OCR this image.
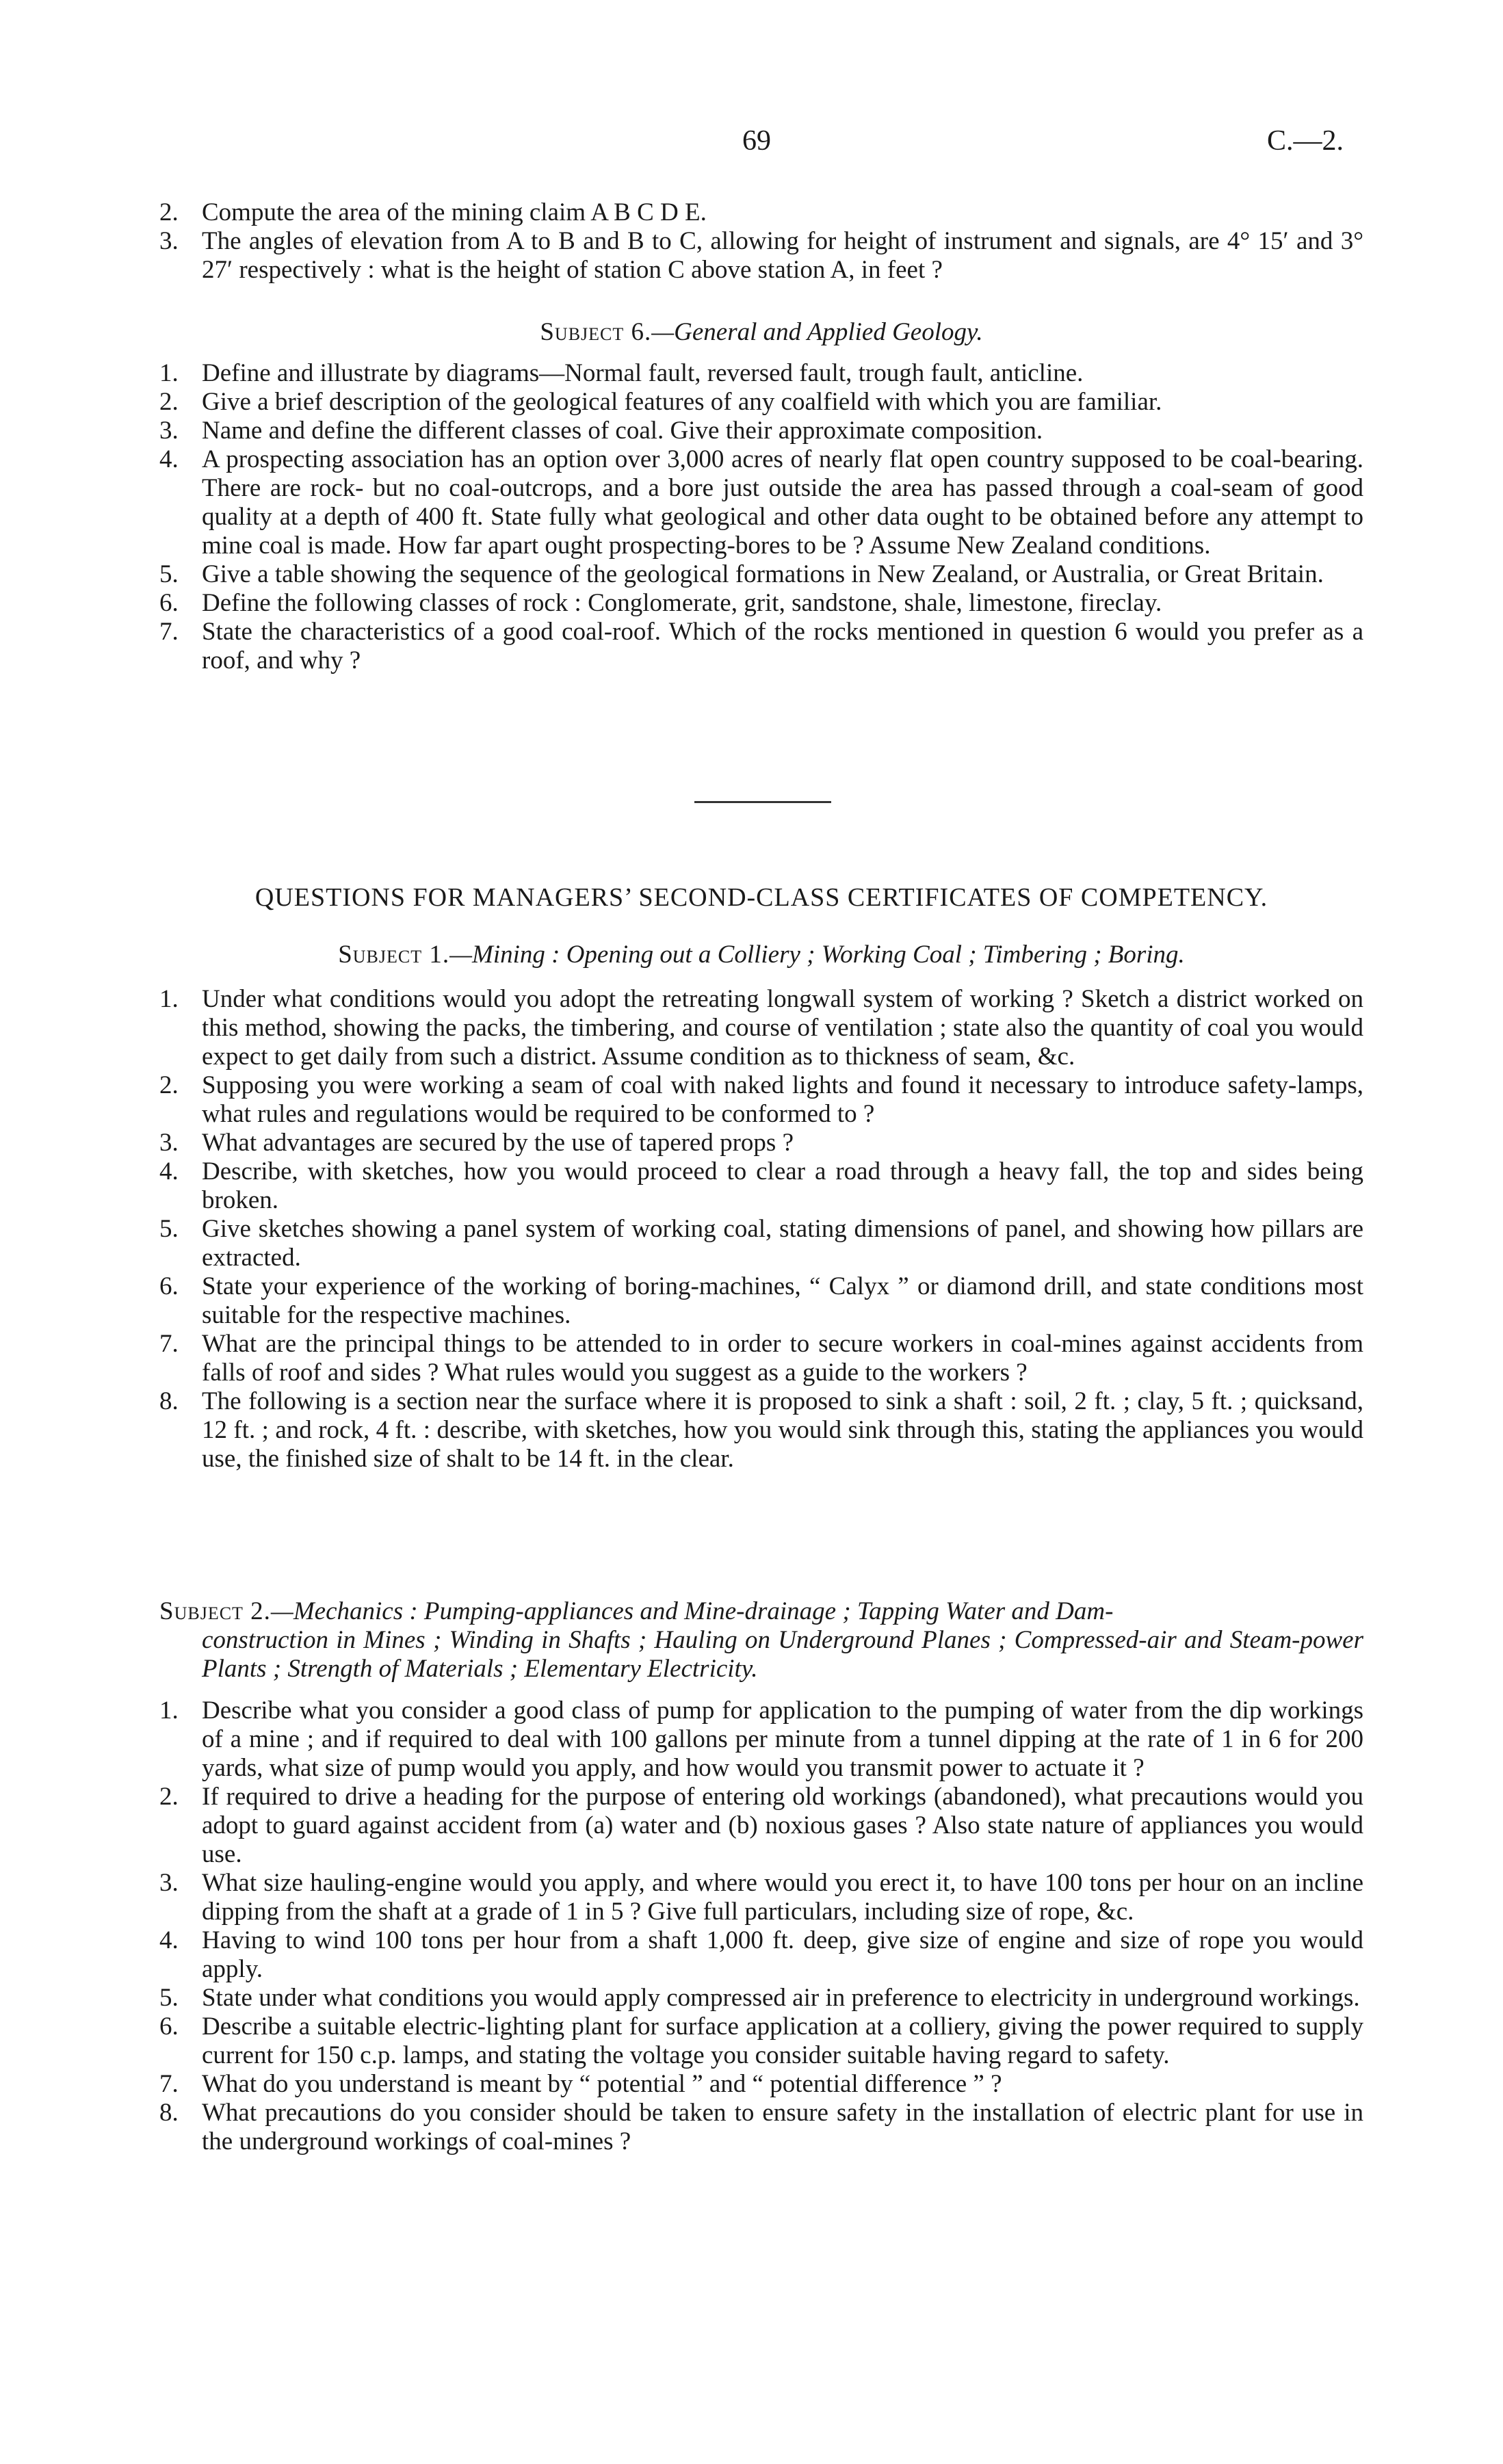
69	C.—2.

2. Compute the area of the mining claim A B C D E.

3. The angles of elevation from A to B and B to C, allowing for height of instrument and signals, are 4° 15′ and 3° 27′ respectively : what is the height of station C above station A, in feet ?

Subject 6.—General and Applied Geology.

1. Define and illustrate by diagrams—Normal fault, reversed fault, trough fault, anticline.

2. Give a brief description of the geological features of any coalfield with which you are familiar.

3. Name and define the different classes of coal. Give their approximate composition.

4. A prospecting association has an option over 3,000 acres of nearly flat open country supposed to be coal-bearing. There are rock- but no coal-outcrops, and a bore just outside the area has passed through a coal-seam of good quality at a depth of 400 ft. State fully what geological and other data ought to be obtained before any attempt to mine coal is made. How far apart ought prospecting-bores to be ? Assume New Zealand conditions.

5. Give a table showing the sequence of the geological formations in New Zealand, or Australia, or Great Britain.

6. Define the following classes of rock : Conglomerate, grit, sandstone, shale, limestone, fireclay.

7. State the characteristics of a good coal-roof. Which of the rocks mentioned in question 6 would you prefer as a roof, and why ?

QUESTIONS FOR MANAGERS’ SECOND-CLASS CERTIFICATES OF COMPETENCY.
Subject 1.—Mining : Opening out a Colliery ; Working Coal ; Timbering ; Boring.

1. Under what conditions would you adopt the retreating longwall system of working ? Sketch a district worked on this method, showing the packs, the timbering, and course of ventilation ; state also the quantity of coal you would expect to get daily from such a district. Assume condition as to thickness of seam, &c.

2. Supposing you were working a seam of coal with naked lights and found it necessary to introduce safety-lamps, what rules and regulations would be required to be conformed to ?

3. What advantages are secured by the use of tapered props ?

4. Describe, with sketches, how you would proceed to clear a road through a heavy fall, the top and sides being broken.

5. Give sketches showing a panel system of working coal, stating dimensions of panel, and showing how pillars are extracted.

6. State your experience of the working of boring-machines, “ Calyx ” or diamond drill, and state conditions most suitable for the respective machines.

7. What are the principal things to be attended to in order to secure workers in coal-mines against accidents from falls of roof and sides ? What rules would you suggest as a guide to the workers ?

8. The following is a section near the surface where it is proposed to sink a shaft : soil, 2 ft. ; clay, 5 ft. ; quicksand, 12 ft. ; and rock, 4 ft. : describe, with sketches, how you would sink through this, stating the appliances you would use, the finished size of shalt to be 14 ft. in the clear.

Subject 2.—Mechanics : Pumping-appliances and Mine-drainage ; Tapping Water and Dam-
construction in Mines ; Winding in Shafts ; Hauling on Underground Planes ; Compressed-air and Steam-power Plants ; Strength of Materials ; Elementary Electricity.

1. Describe what you consider a good class of pump for application to the pumping of water from the dip workings of a mine ; and if required to deal with 100 gallons per minute from a tunnel dipping at the rate of 1 in 6 for 200 yards, what size of pump would you apply, and how would you transmit power to actuate it ?

2. If required to drive a heading for the purpose of entering old workings (abandoned), what precautions would you adopt to guard against accident from (a) water and (b) noxious gases ? Also state nature of appliances you would use.

3. What size hauling-engine would you apply, and where would you erect it, to have 100 tons per hour on an incline dipping from the shaft at a grade of 1 in 5 ? Give full particulars, including size of rope, &c.

4. Having to wind 100 tons per hour from a shaft 1,000 ft. deep, give size of engine and size of rope you would apply.

5. State under what conditions you would apply compressed air in preference to electricity in underground workings.

6. Describe a suitable electric-lighting plant for surface application at a colliery, giving the power required to supply current for 150 c.p. lamps, and stating the voltage you consider suitable having regard to safety.

7. What do you understand is meant by “ potential ” and “ potential difference ” ?

8. What precautions do you consider should be taken to ensure safety in the installation of electric plant for use in the underground workings of coal-mines ?
